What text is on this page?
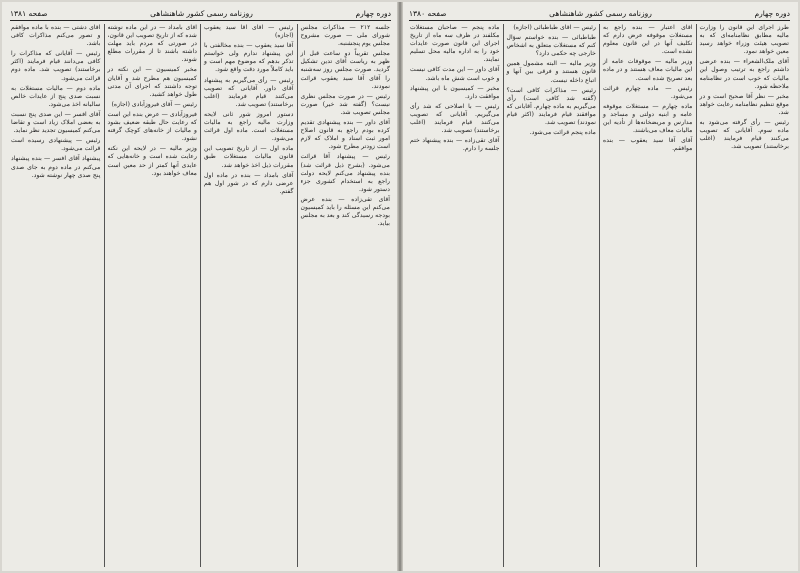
دوره چهارم
روزنامه رسمی کشور شاهنشاهی
صفحه ۱۳۸۱

جلسه ۲۱۲ — مذاکرات مجلس شورای ملی — صورت مشروح مجلس یوم پنجشنبه.

مجلس تقریباً دو ساعت قبل از ظهر به ریاست آقای تدین تشکیل گردید. صورت مجلس روز سه‌شنبه را آقای آقا سید یعقوب قرائت نمودند.

رئیس — در صورت مجلس نظری نیست؟ (گفته شد خیر) صورت مجلس تصویب شد.

آقای داور — بنده پیشنهادی تقدیم کرده بودم راجع به قانون اصلاح امور ثبت اسناد و املاک که لازم است زودتر مطرح شود.

رئیس — پیشنهاد آقا قرائت می‌شود. (بشرح ذیل قرائت شد) بنده پیشنهاد می‌کنم لایحه دولت راجع به استخدام کشوری جزء دستور شود.

آقای تقی‌زاده — بنده عرض می‌کنم این مسئله را باید کمیسیون بودجه رسیدگی کند و بعد به مجلس بیاید.

رئیس — آقای آقا سید یعقوب (اجازه)

آقا سید یعقوب — بنده مخالفتی با این پیشنهاد ندارم ولی خواستم تذکر بدهم که موضوع مهم است و باید کاملاً مورد دقت واقع شود.

رئیس — رأی می‌گیریم به پیشنهاد آقای داور. آقایانی که تصویب می‌کنند قیام فرمایند (اغلب برخاستند) تصویب شد.

دستور امروز شور ثانی لایحه وزارت مالیه راجع به مالیات مستغلات است. ماده اول قرائت می‌شود.

ماده اول — از تاریخ تصویب این قانون مالیات مستغلات طبق مقررات ذیل اخذ خواهد شد.

آقای بامداد — بنده در ماده اول عرضی دارم که در شور اول هم گفتم.

آقای بامداد — در این ماده نوشته شده که از تاریخ تصویب این قانون، در صورتی که مردم باید مهلت داشته باشند تا از مقررات مطلع شوند.

مخبر کمیسیون — این نکته در کمیسیون هم مطرح شد و آقایان توجه داشتند که اجرای آن مدتی طول خواهد کشید.

رئیس — آقای فیروزآبادی (اجازه)

فیروزآبادی — عرض بنده این است که رعایت حال طبقه ضعیف بشود و مالیات از خانه‌های کوچک گرفته نشود.

وزیر مالیه — در لایحه این نکته رعایت شده است و خانه‌هایی که عایدی آنها کمتر از حد معین است معاف خواهند بود.

آقای دشتی — بنده با ماده موافقم و تصور می‌کنم مذاکرات کافی باشد.

رئیس — آقایانی که مذاکرات را کافی می‌دانند قیام فرمایند (اکثر برخاستند) تصویب شد. ماده دوم قرائت می‌شود.

ماده دوم — مالیات مستغلات به نسبت صدی پنج از عایدات خالص سالیانه اخذ می‌شود.

آقای افسر — این صدی پنج نسبت به بعضی املاک زیاد است و تقاضا می‌کنم کمیسیون تجدید نظر نماید.

رئیس — پیشنهادی رسیده است قرائت می‌شود.

پیشنهاد آقای افسر — بنده پیشنهاد می‌کنم در ماده دوم به جای صدی پنج صدی چهار نوشته شود.

دوره چهارم
روزنامه رسمی کشور شاهنشاهی
صفحه ۱۳۸۰

طرز اجرای این قانون را وزارت مالیه مطابق نظامنامه‌ای که به تصویب هیئت وزراء خواهد رسید معین خواهد نمود.

آقای ملک‌الشعراء — بنده عرضی داشتم راجع به ترتیب وصول این مالیات که خوب است در نظامنامه ملاحظه شود.

مخبر — نظر آقا صحیح است و در موقع تنظیم نظامنامه رعایت خواهد شد.

رئیس — رأی گرفته می‌شود به ماده سوم. آقایانی که تصویب می‌کنند قیام فرمایند (اغلب برخاستند) تصویب شد.

آقای اعتبار — بنده راجع به مستغلات موقوفه عرض دارم که تکلیف آنها در این قانون معلوم نشده است.

وزیر مالیه — موقوفات عامه از این مالیات معاف هستند و در ماده بعد تصریح شده است.

رئیس — ماده چهارم قرائت می‌شود.

ماده چهارم — مستغلات موقوفه عامه و ابنیه دولتی و مساجد و مدارس و مریضخانه‌ها از تأدیه این مالیات معاف می‌باشند.

آقای آقا سید یعقوب — بنده موافقم.

رئیس — آقای طباطبائی (اجازه)

طباطبائی — بنده خواستم سؤال کنم که مستغلات متعلق به اشخاص خارجی چه حکمی دارد؟

وزیر مالیه — البته مشمول همین قانون هستند و فرقی بین آنها و اتباع داخله نیست.

رئیس — مذاکرات کافی است؟ (گفته شد کافی است) رأی می‌گیریم به ماده چهارم. آقایانی که موافقند قیام فرمایند (اکثر قیام نمودند) تصویب شد.

ماده پنجم قرائت می‌شود.

ماده پنجم — صاحبان مستغلات مکلفند در ظرف سه ماه از تاریخ اجرای این قانون صورت عایدات خود را به اداره مالیه محل تسلیم نمایند.

آقای داور — این مدت کافی نیست و خوب است شش ماه باشد.

مخبر — کمیسیون با این پیشنهاد موافقت دارد.

رئیس — با اصلاحی که شد رأی می‌گیریم. آقایانی که تصویب می‌کنند قیام فرمایند (اغلب برخاستند) تصویب شد.

آقای تقی‌زاده — بنده پیشنهاد ختم جلسه را دارم.
